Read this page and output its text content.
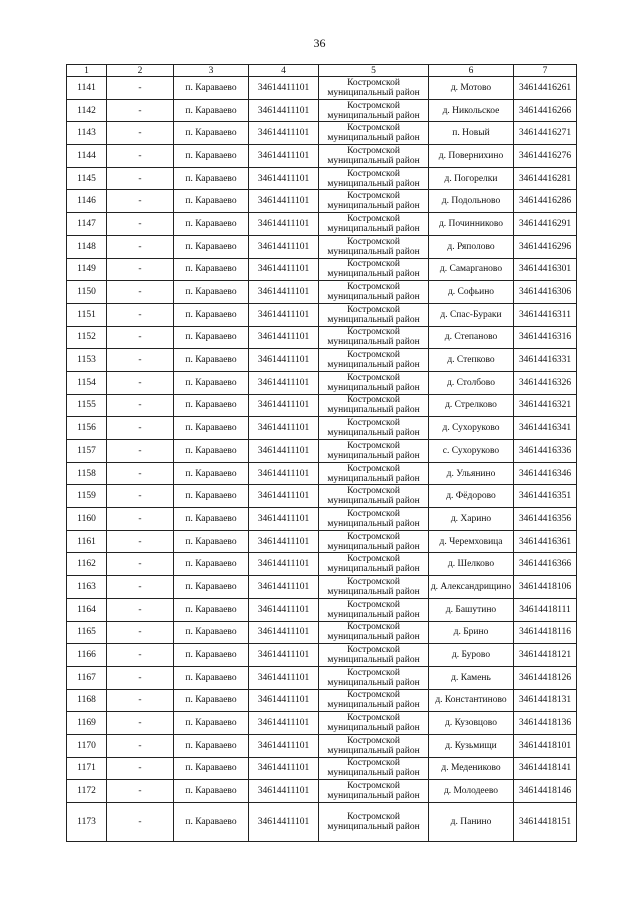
36
1	2	3	4	5	6	7
1141	-	п. Караваево	34614411101	Костромской
муниципальный район	д. Мотово	34614416261
1142	-	п. Караваево	34614411101	Костромской
муниципальный район	д. Никольское	34614416266
1143	-	п. Караваево	34614411101	Костромской
муниципальный район	п. Новый	34614416271
1144	-	п. Караваево	34614411101	Костромской
муниципальный район	д. Повернихино	34614416276
1145	-	п. Караваево	34614411101	Костромской
муниципальный район	д. Погорелки	34614416281
1146	-	п. Караваево	34614411101	Костромской
муниципальный район	д. Подольново	34614416286
1147	-	п. Караваево	34614411101	Костромской
муниципальный район	д. Починниково	34614416291
1148	-	п. Караваево	34614411101	Костромской
муниципальный район	д. Ряполово	34614416296
1149	-	п. Караваево	34614411101	Костромской
муниципальный район	д. Самарганово	34614416301
1150	-	п. Караваево	34614411101	Костромской
муниципальный район	д. Софьино	34614416306
1151	-	п. Караваево	34614411101	Костромской
муниципальный район	д. Спас-Бураки	34614416311
1152	-	п. Караваево	34614411101	Костромской
муниципальный район	д. Степаново	34614416316
1153	-	п. Караваево	34614411101	Костромской
муниципальный район	д. Степково	34614416331
1154	-	п. Караваево	34614411101	Костромской
муниципальный район	д. Столбово	34614416326
1155	-	п. Караваево	34614411101	Костромской
муниципальный район	д. Стрелково	34614416321
1156	-	п. Караваево	34614411101	Костромской
муниципальный район	д. Сухоруково	34614416341
1157	-	п. Караваево	34614411101	Костромской
муниципальный район	с. Сухоруково	34614416336
1158	-	п. Караваево	34614411101	Костромской
муниципальный район	д. Ульянино	34614416346
1159	-	п. Караваево	34614411101	Костромской
муниципальный район	д. Фёдорово	34614416351
1160	-	п. Караваево	34614411101	Костромской
муниципальный район	д. Харино	34614416356
1161	-	п. Караваево	34614411101	Костромской
муниципальный район	д. Черемховица	34614416361
1162	-	п. Караваево	34614411101	Костромской
муниципальный район	д. Шелково	34614416366
1163	-	п. Караваево	34614411101	Костромской
муниципальный район	д. Александрищино	34614418106
1164	-	п. Караваево	34614411101	Костромской
муниципальный район	д. Башутино	34614418111
1165	-	п. Караваево	34614411101	Костромской
муниципальный район	д. Брино	34614418116
1166	-	п. Караваево	34614411101	Костромской
муниципальный район	д. Бурово	34614418121
1167	-	п. Караваево	34614411101	Костромской
муниципальный район	д. Камень	34614418126
1168	-	п. Караваево	34614411101	Костромской
муниципальный район	д. Константиново	34614418131
1169	-	п. Караваево	34614411101	Костромской
муниципальный район	д. Кузовцово	34614418136
1170	-	п. Караваево	34614411101	Костромской
муниципальный район	д. Кузьмищи	34614418101
1171	-	п. Караваево	34614411101	Костромской
муниципальный район	д. Медениково	34614418141
1172	-	п. Караваево	34614411101	Костромской
муниципальный район	д. Молодеево	34614418146
1173	-	п. Караваево	34614411101	Костромской
муниципальный район	д. Панино	34614418151
